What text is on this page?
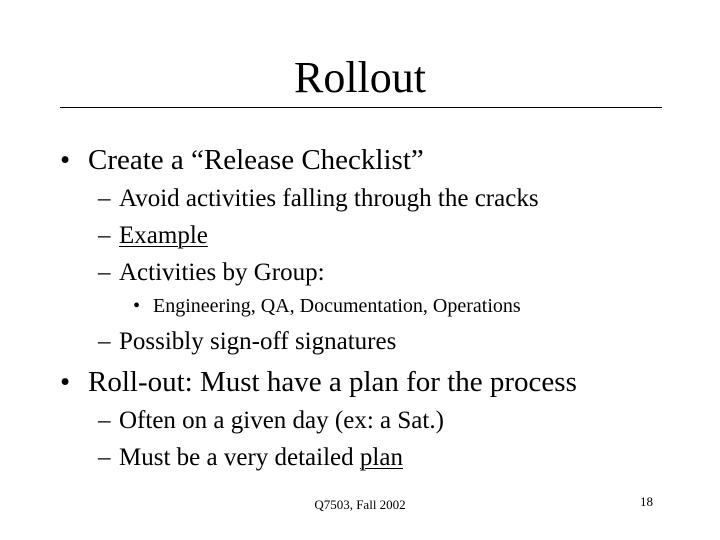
Rollout
• Create a “Release Checklist”
– Avoid activities falling through the cracks
– Example
– Activities by Group:
• Engineering, QA, Documentation, Operations
– Possibly sign-off signatures
• Roll-out: Must have a plan for the process
– Often on a given day (ex: a Sat.)
– Must be a very detailed plan
Q7503, Fall 2002	18
